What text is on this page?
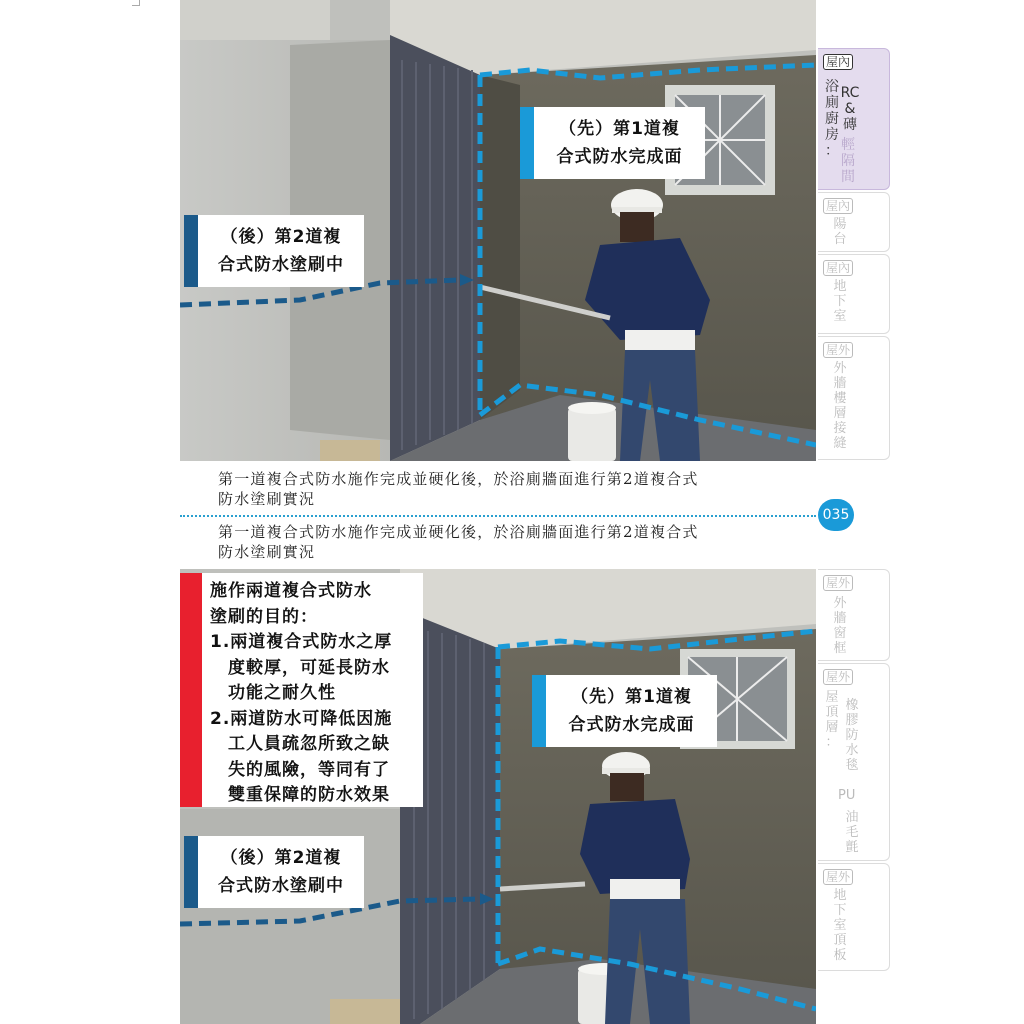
（先）第1道複
合式防水完成面
（後）第2道複
合式防水塗刷中
第一道複合式防水施作完成並硬化後，於浴廁牆面進行第2道複合式
防水塗刷實況
035
第一道複合式防水施作完成並硬化後，於浴廁牆面進行第2道複合式
防水塗刷實況
（先）第1道複
合式防水完成面
（後）第2道複
合式防水塗刷中
施作兩道複合式防水
塗刷的目的：
1.兩道複合式防水之厚
度較厚，可延長防水
功能之耐久性
2.兩道防水可降低因施
工人員疏忽所致之缺
失的風險，等同有了
雙重保障的防水效果
屋內
浴
廁
廚
房
：
RC
&
磚
輕
隔
間
屋內
陽
台
屋內
地
下
室
屋外
外
牆
樓
層
接
縫
屋外
外
牆
窗
框
屋外
屋
頂
層
：
橡
膠
防
水
毯
PU
油
毛
氈
屋外
地
下
室
頂
板
